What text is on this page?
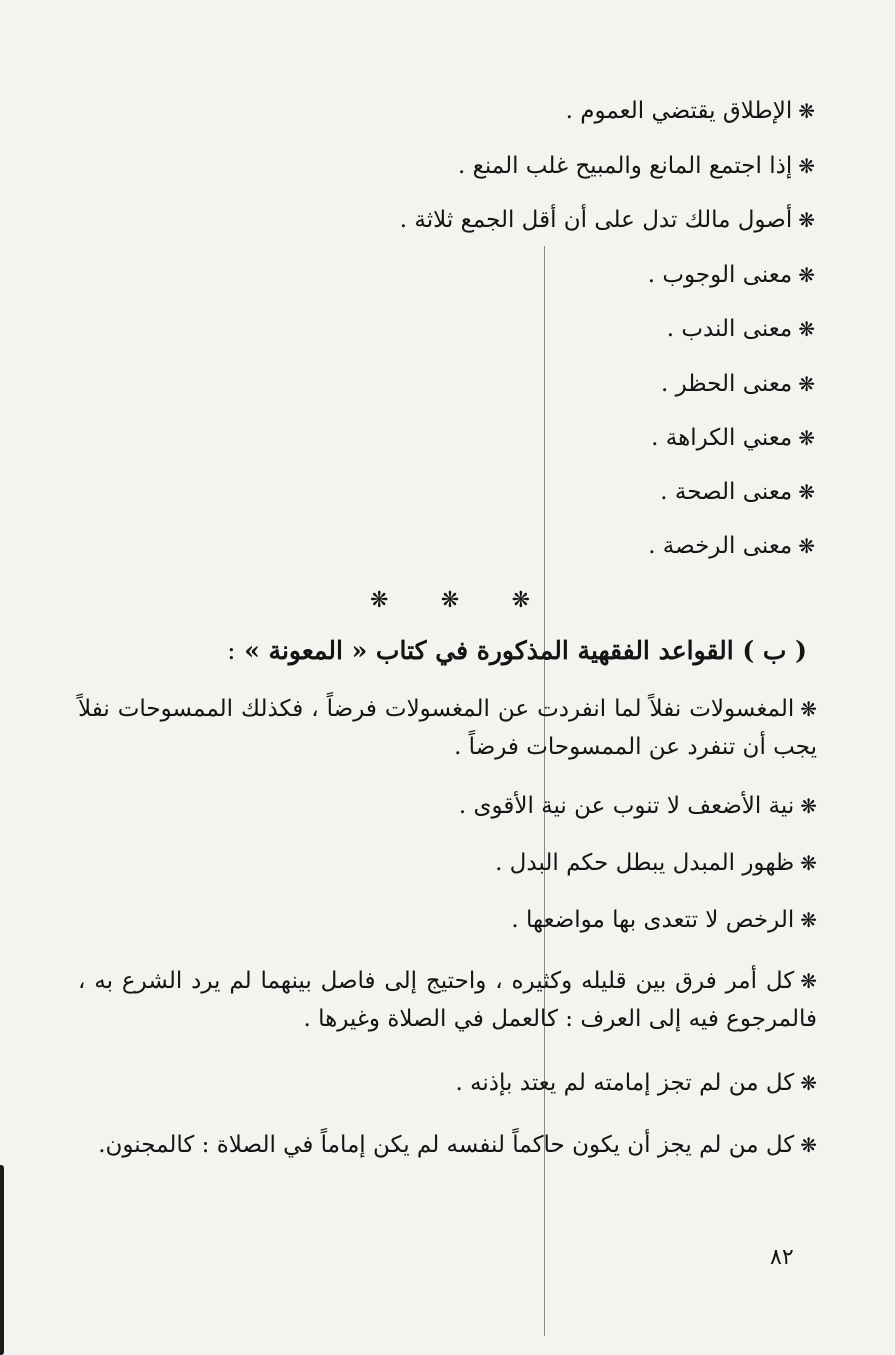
❋الإطلاق يقتضي العموم .
❋إذا اجتمع المانع والمبيح غلب المنع .
❋أصول مالك تدل على أن أقل الجمع ثلاثة .
❋معنى الوجوب .
❋معنى الندب .
❋معنى الحظر .
❋معني الكراهة .
❋معنى الصحة .
❋معنى الرخصة .
❋ ❋ ❋
( ب ) القواعد الفقهية المذكورة في كتاب « المعونة » :
❋المغسولات نفلاً لما انفردت عن المغسولات فرضاً ، فكذلك الممسوحات نفلاً يجب أن تنفرد عن الممسوحات فرضاً .
❋نية الأضعف لا تنوب عن نية الأقوى .
❋ظهور المبدل يبطل حكم البدل .
❋الرخص لا تتعدى بها مواضعها .
❋كل أمر فرق بين قليله وكثيره ، واحتيج إلى فاصل بينهما لم يرد الشرع به ، فالمرجوع فيه إلى العرف : كالعمل في الصلاة وغيرها .
❋كل من لم تجز إمامته لم يعتد بإذنه .
❋كل من لم يجز أن يكون حاكماً لنفسه لم يكن إماماً في الصلاة : كالمجنون.
٨٢
